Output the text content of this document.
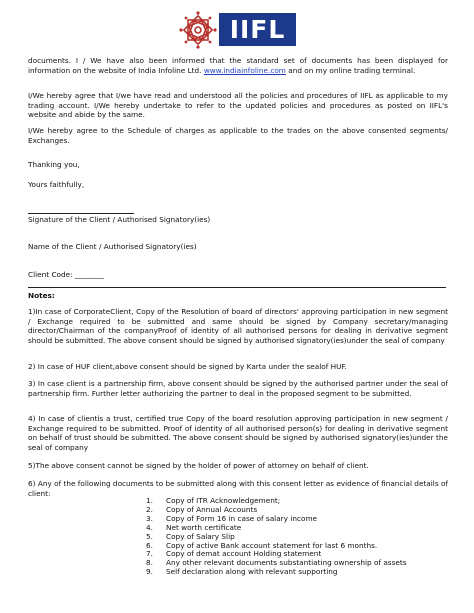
IIFL

documents. I / We have also been informed that the standard set of documents has been displayed for information on the website of India Infoline Ltd. www.indiainfoline.com and on my online trading terminal.

I/We hereby agree that I/we have read and understood all the policies and procedures of IIFL as applicable to my trading account. I/We hereby undertake to refer to the updated policies and procedures as posted on IIFL's website and abide by the same.

I/We hereby agree to the Schedule of charges as applicable to the trades on the above consented segments/ Exchanges.

Thanking you,

Yours faithfully,

Signature of the Client / Authorised Signatory(ies)

Name of the Client / Authorised Signatory(ies)

Client Code: ________

Notes:

1)In case of CorporateClient, Copy of the Resolution of board of directors' approving participation in new segment / Exchange required to be submitted and same should be signed by Company secretary/managing director/Chairman of the companyProof of identity of all authorised persons for dealing in derivative segment should be submitted. The above consent should be signed by authorised signatory(ies)under the seal of company

2) In case of HUF client,above consent should be signed by Karta under the sealof HUF.

3) In case client is a partnership firm, above consent should be signed by the authorised partner under the seal of partnership firm. Further letter authorizing the partner to deal in the proposed segment to be submitted.

4) In case of clientis a trust, certified true Copy of the board resolution approving participation in new segment / Exchange required to be submitted. Proof of identity of all authorised person(s) for dealing in derivative segment on behalf of trust should be submitted. The above consent should be signed by authorised signatory(ies)under the seal of company

5)The above consent cannot be signed by the holder of power of attorney on behalf of client.

6) Any of the following documents to be submitted along with this consent letter as evidence of financial details of client:

1. Copy of ITR Acknowledgement;
2. Copy of Annual Accounts
3. Copy of Form 16 in case of salary income
4. Net worth certificate
5. Copy of Salary Slip
6. Copy of active Bank account statement for last 6 months.
7. Copy of demat account Holding statement
8. Any other relevant documents substantiating ownership of assets
9. Self declaration along with relevant supporting
